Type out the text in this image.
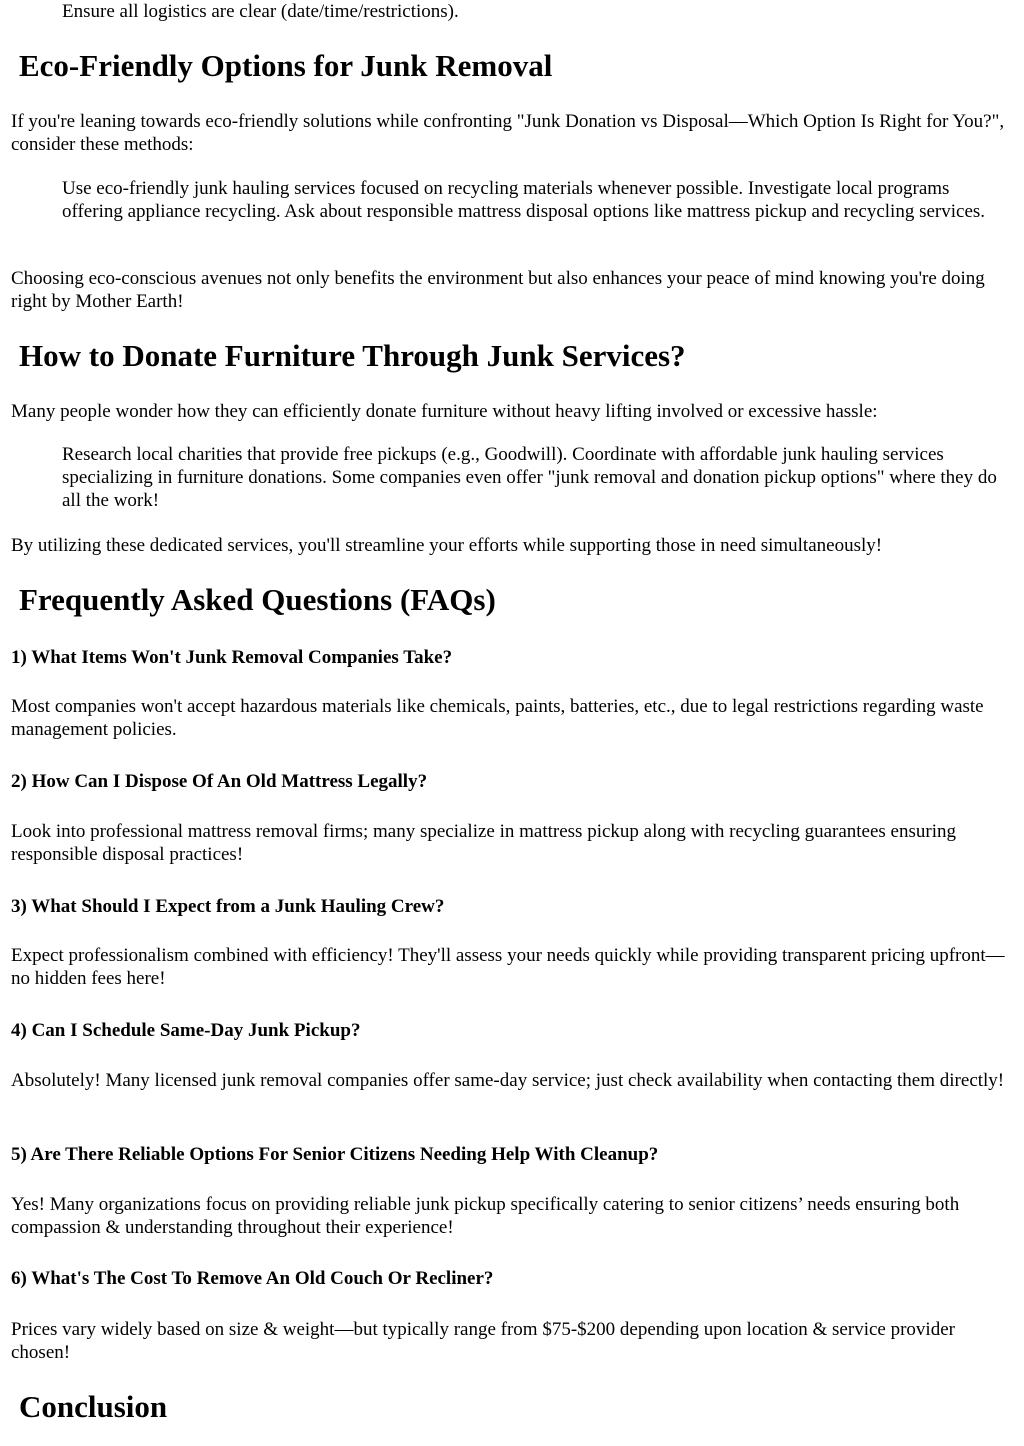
Ensure all logistics are clear (date/time/restrictions).

Eco-Friendly Options for Junk Removal

If you're leaning towards eco-friendly solutions while confronting "Junk Donation vs Disposal—Which Option Is Right for You?", consider these methods:

Use eco-friendly junk hauling services focused on recycling materials whenever possible. Investigate local programs offering appliance recycling. Ask about responsible mattress disposal options like mattress pickup and recycling services.

Choosing eco-conscious avenues not only benefits the environment but also enhances your peace of mind knowing you're doing right by Mother Earth!

How to Donate Furniture Through Junk Services?

Many people wonder how they can efficiently donate furniture without heavy lifting involved or excessive hassle:

Research local charities that provide free pickups (e.g., Goodwill). Coordinate with affordable junk hauling services specializing in furniture donations. Some companies even offer "junk removal and donation pickup options" where they do all the work!

By utilizing these dedicated services, you'll streamline your efforts while supporting those in need simultaneously!

Frequently Asked Questions (FAQs)
1) What Items Won't Junk Removal Companies Take?

Most companies won't accept hazardous materials like chemicals, paints, batteries, etc., due to legal restrictions regarding waste management policies.

2) How Can I Dispose Of An Old Mattress Legally?

Look into professional mattress removal firms; many specialize in mattress pickup along with recycling guarantees ensuring responsible disposal practices!

3) What Should I Expect from a Junk Hauling Crew?

Expect professionalism combined with efficiency! They'll assess your needs quickly while providing transparent pricing upfront—no hidden fees here!

4) Can I Schedule Same-Day Junk Pickup?

Absolutely! Many licensed junk removal companies offer same-day service; just check availability when contacting them directly!

5) Are There Reliable Options For Senior Citizens Needing Help With Cleanup?

Yes! Many organizations focus on providing reliable junk pickup specifically catering to senior citizens’ needs ensuring both compassion & understanding throughout their experience!

6) What's The Cost To Remove An Old Couch Or Recliner?

Prices vary widely based on size & weight—but typically range from $75-$200 depending upon location & service provider chosen!

Conclusion
